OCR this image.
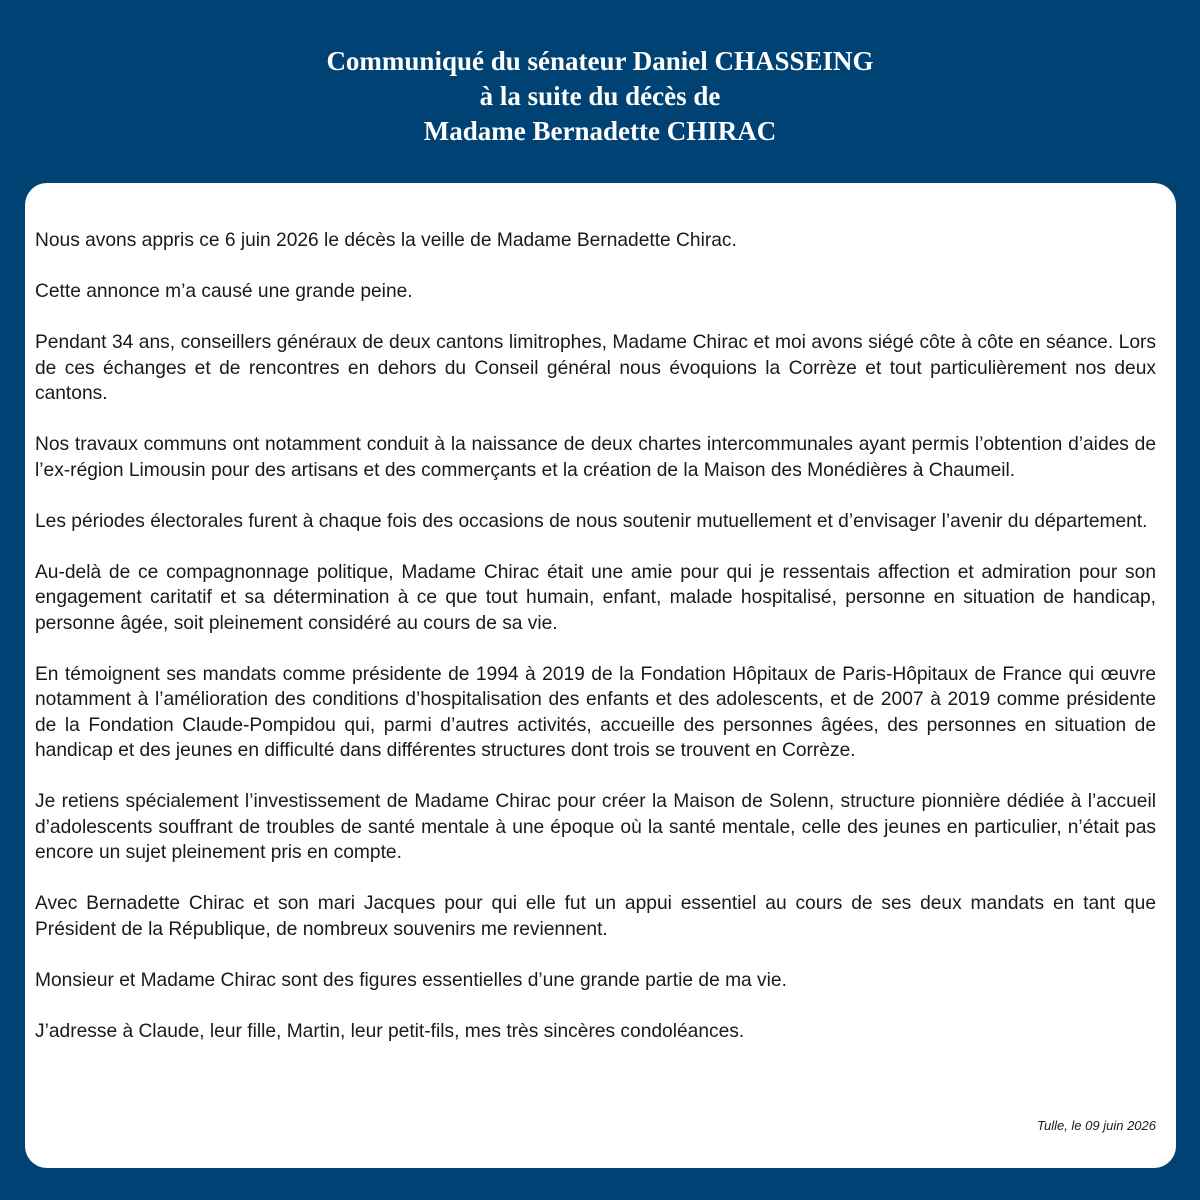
Communiqué du sénateur Daniel CHASSEING
à la suite du décès de
Madame Bernadette CHIRAC

Nous avons appris ce 6 juin 2026 le décès la veille de Madame Bernadette Chirac.

Cette annonce m’a causé une grande peine.

Pendant 34 ans, conseillers généraux de deux cantons limitrophes, Madame Chirac et moi avons siégé côte à côte en séance. Lors de ces échanges et de rencontres en dehors du Conseil général nous évoquions la Corrèze et tout particulièrement nos deux cantons.

Nos travaux communs ont notamment conduit à la naissance de deux chartes intercommunales ayant permis l’obtention d’aides de l’ex-région Limousin pour des artisans et des commerçants et la création de la Maison des Monédières à Chaumeil.

Les périodes électorales furent à chaque fois des occasions de nous soutenir mutuellement et d’envisager l’avenir du département.

Au-delà de ce compagnonnage politique, Madame Chirac était une amie pour qui je ressentais affection et admiration pour son engagement caritatif et sa détermination à ce que tout humain, enfant, malade hospitalisé, personne en situation de handicap, personne âgée, soit pleinement considéré au cours de sa vie.

En témoignent ses mandats comme présidente de 1994 à 2019 de la Fondation Hôpitaux de Paris-Hôpitaux de France qui œuvre notamment à l’amélioration des conditions d’hospitalisation des enfants et des adolescents, et de 2007 à 2019 comme présidente de la Fondation Claude-Pompidou qui, parmi d’autres activités, accueille des personnes âgées, des personnes en situation de handicap et des jeunes en difficulté dans différentes structures dont trois se trouvent en Corrèze.

Je retiens spécialement l’investissement de Madame Chirac pour créer la Maison de Solenn, structure pionnière dédiée à l’accueil d’adolescents souffrant de troubles de santé mentale à une époque où la santé mentale, celle des jeunes en particulier, n’était pas encore un sujet pleinement pris en compte.

Avec Bernadette Chirac et son mari Jacques pour qui elle fut un appui essentiel au cours de ses deux mandats en tant que Président de la République, de nombreux souvenirs me reviennent.

Monsieur et Madame Chirac sont des figures essentielles d’une grande partie de ma vie.

J’adresse à Claude, leur fille, Martin, leur petit-fils, mes très sincères condoléances.

Tulle, le 09 juin 2026
